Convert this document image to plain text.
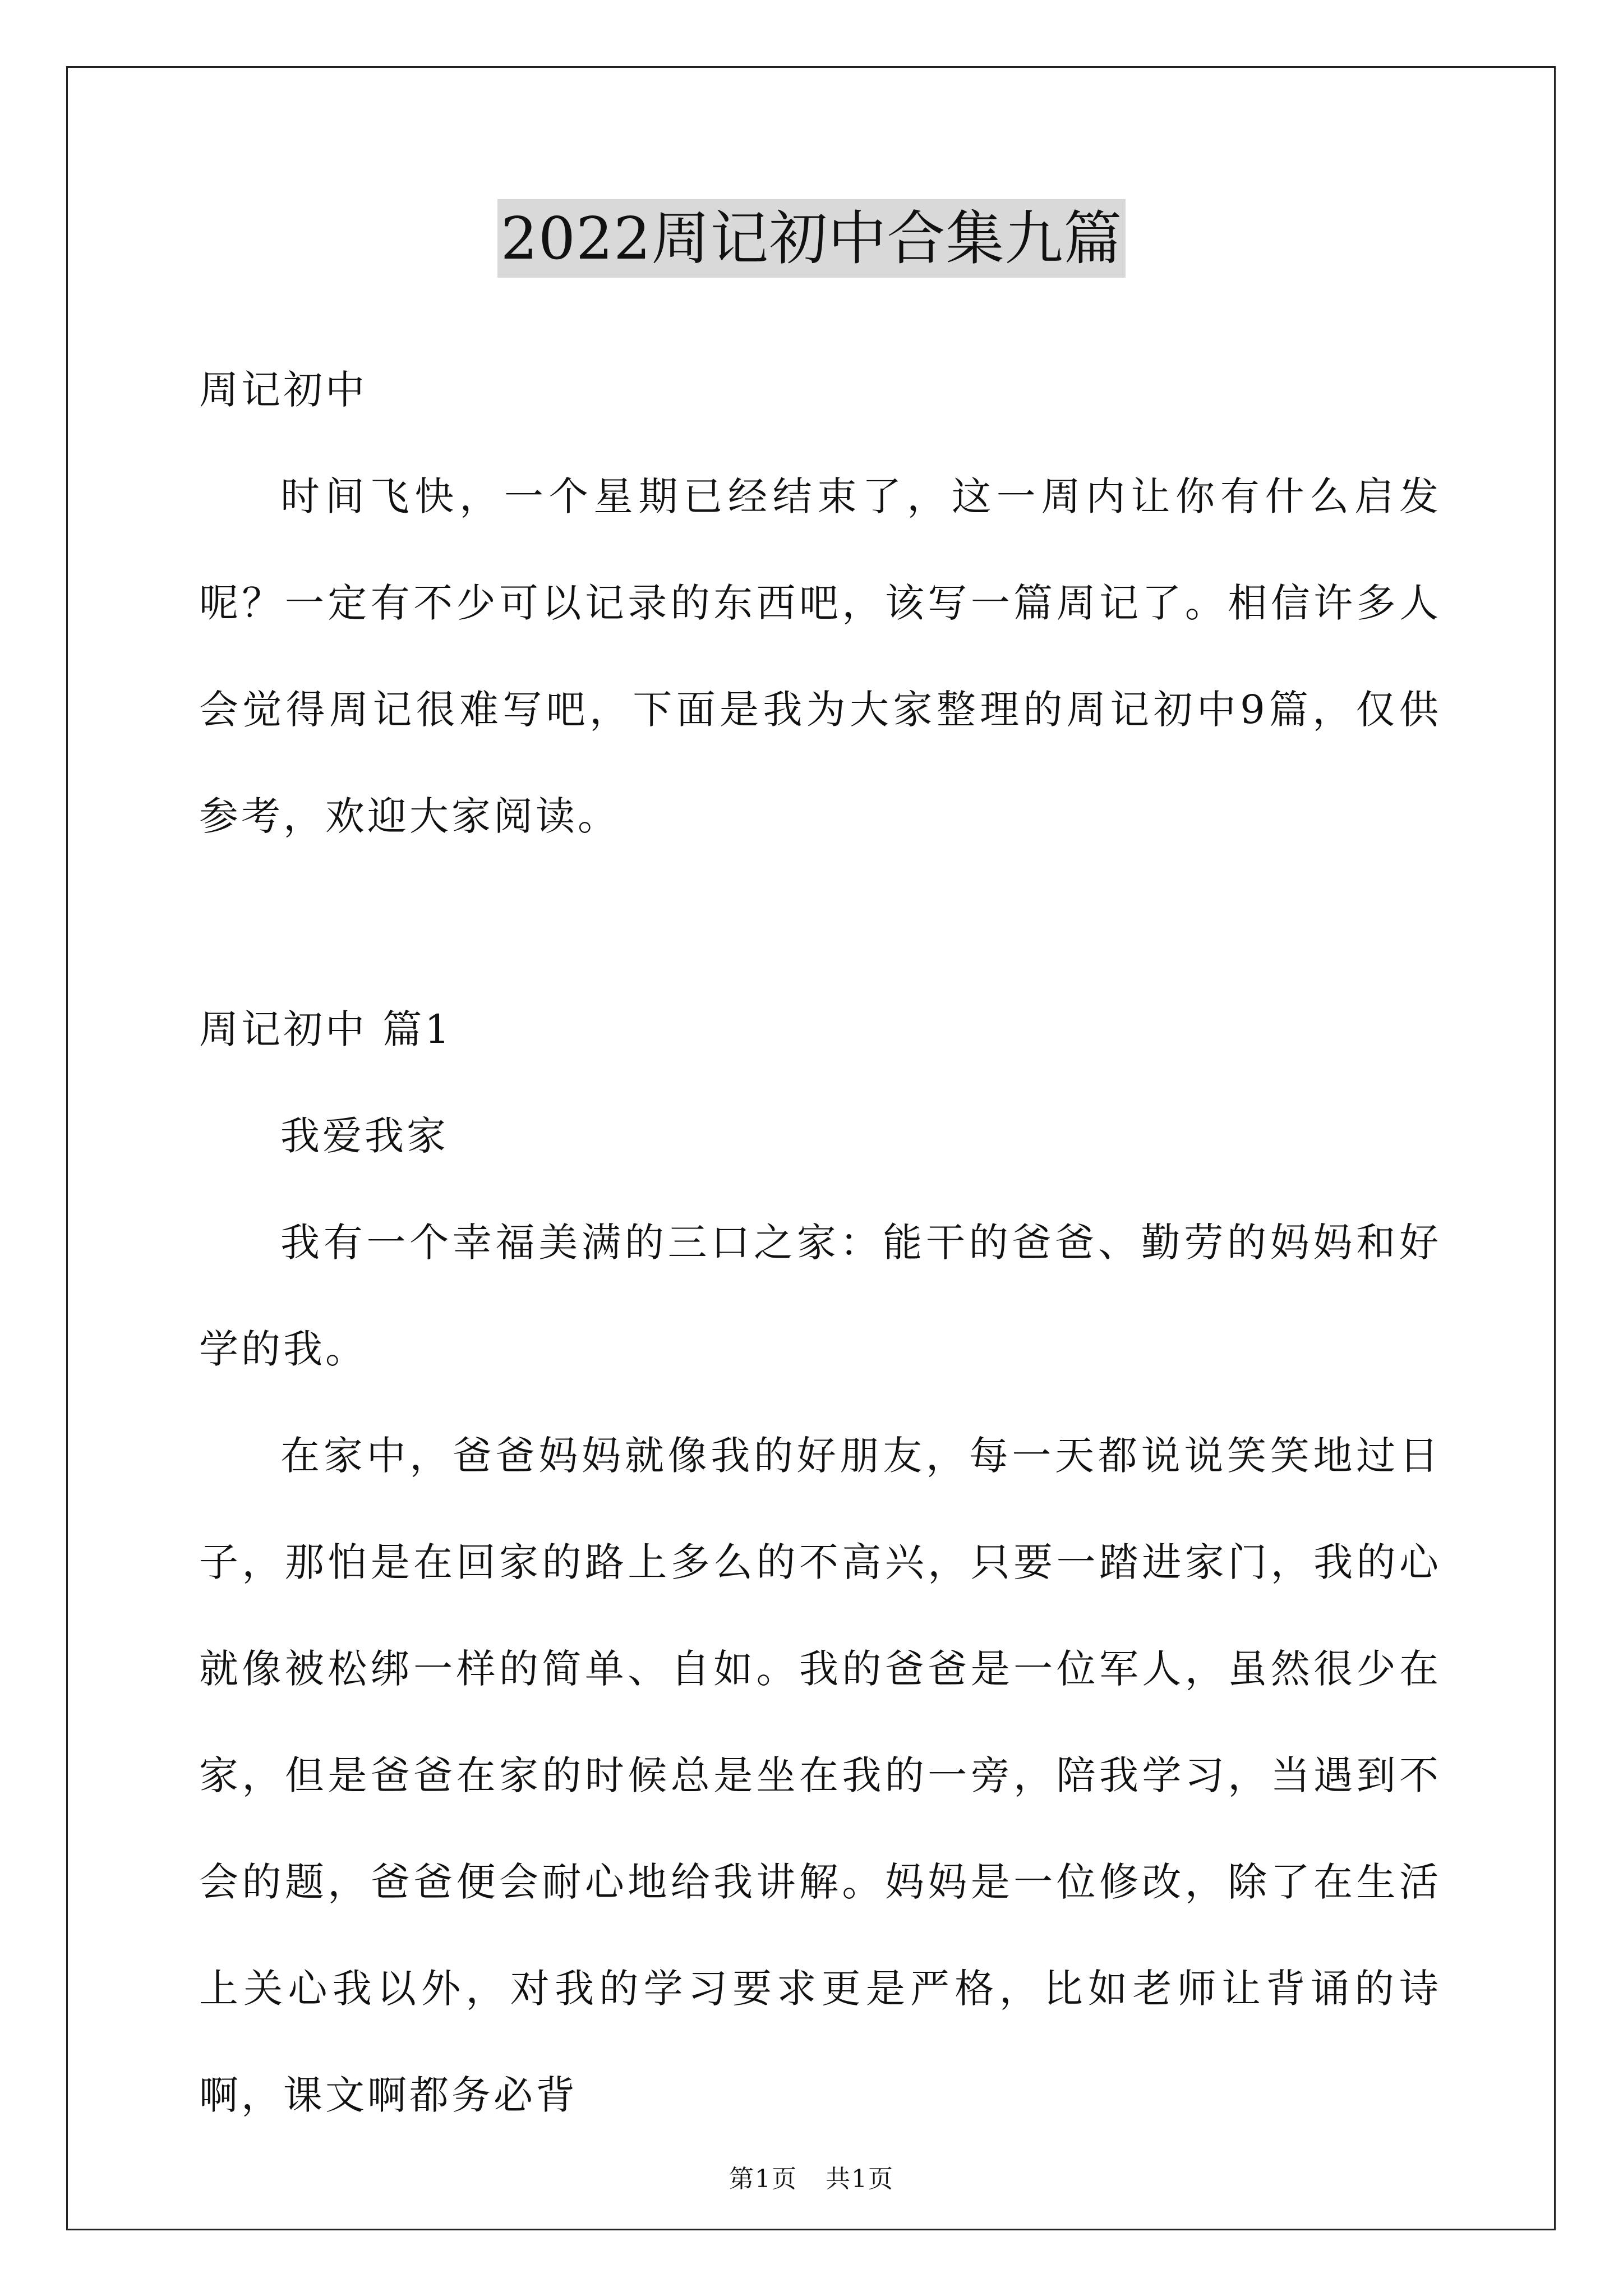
2022周记初中合集九篇

周记初中

时间飞快，一个星期已经结束了，这一周内让你有什么启发呢？一定有不少可以记录的东西吧，该写一篇周记了。相信许多人会觉得周记很难写吧，下面是我为大家整理的周记初中9篇，仅供参考，欢迎大家阅读。

周记初中 篇1

我爱我家

我有一个幸福美满的三口之家：能干的爸爸、勤劳的妈妈和好学的我。

在家中，爸爸妈妈就像我的好朋友，每一天都说说笑笑地过日子，那怕是在回家的路上多么的不高兴，只要一踏进家门，我的心就像被松绑一样的简单、自如。我的爸爸是一位军人，虽然很少在家，但是爸爸在家的时候总是坐在我的一旁，陪我学习，当遇到不会的题，爸爸便会耐心地给我讲解。妈妈是一位修改，除了在生活上关心我以外，对我的学习要求更是严格，比如老师让背诵的诗啊，课文啊都务必背

第1页 共1页
